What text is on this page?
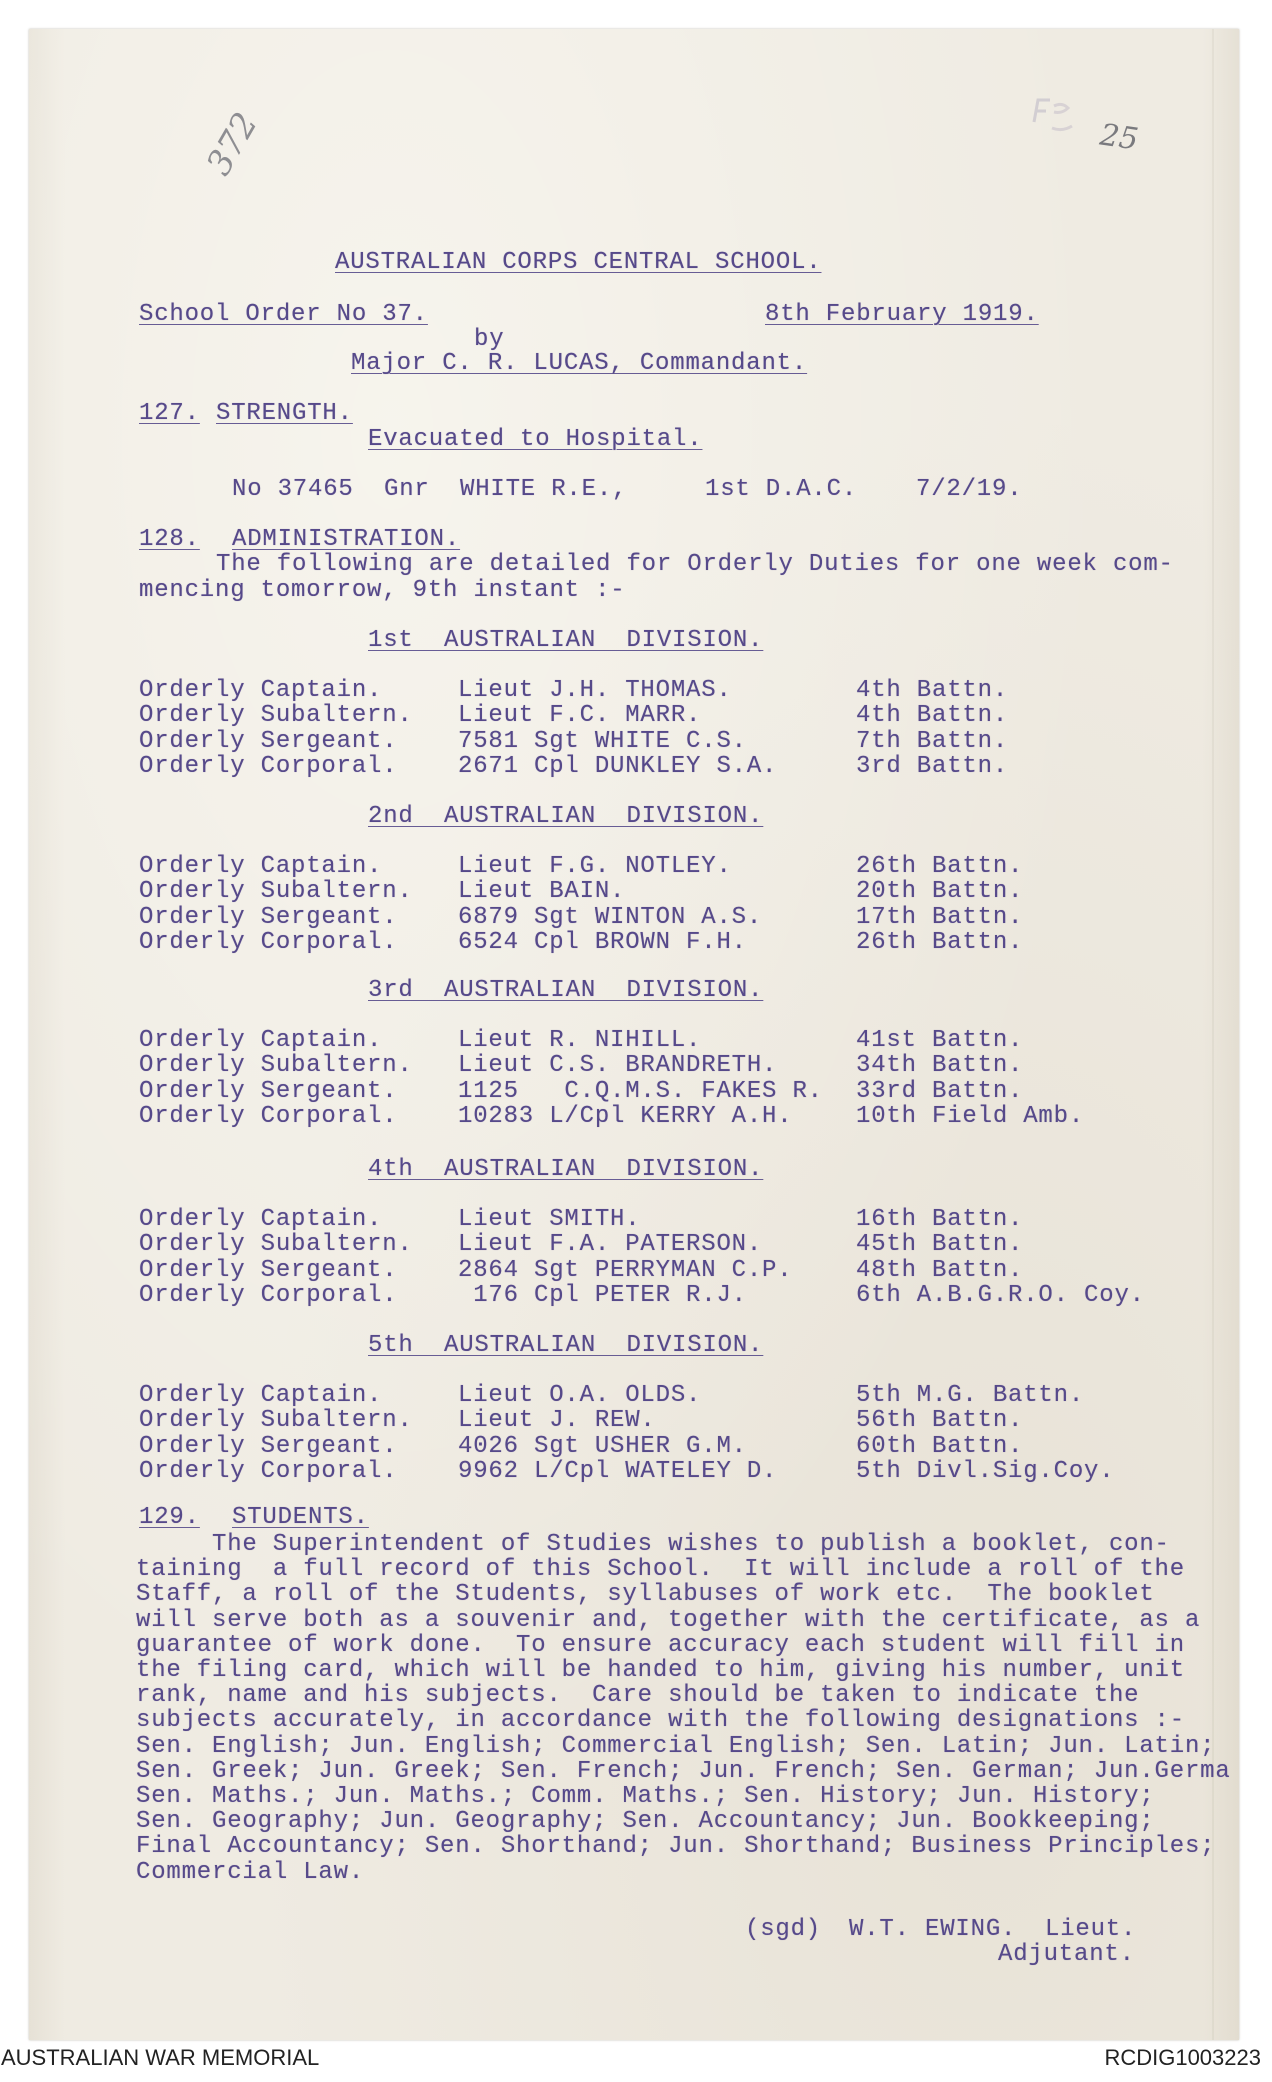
372	25
AUSTRALIAN CORPS CENTRAL SCHOOL.
School Order No 37.	8th February 1919.
by
Major C. R. LUCAS, Commandant.
127. STRENGTH.
Evacuated to Hospital.
No 37465 Gnr WHITE R.E.,	1st D.A.C. 7/2/19.
128. ADMINISTRATION.
The following are detailed for Orderly Duties for one week com-
mencing tomorrow, 9th instant :-
1st  AUSTRALIAN  DIVISION.
Orderly Captain.	Lieut J.H. THOMAS.	4th Battn.
Orderly Subaltern. Lieut F.C. MARR.	4th Battn.
Orderly Sergeant.	7581 Sgt WHITE C.S.	7th Battn.
Orderly Corporal.	2671 Cpl DUNKLEY S.A.	3rd Battn.
2nd  AUSTRALIAN  DIVISION.
Orderly Captain.	Lieut F.G. NOTLEY.	26th Battn.
Orderly Subaltern. Lieut BAIN.	20th Battn.
Orderly Sergeant.	6879 Sgt WINTON A.S.	17th Battn.
Orderly Corporal.	6524 Cpl BROWN F.H.	26th Battn.
3rd  AUSTRALIAN  DIVISION.
Orderly Captain.	Lieut R. NIHILL.	41st Battn.
Orderly Subaltern. Lieut C.S. BRANDRETH.	34th Battn.
Orderly Sergeant.	1125   C.Q.M.S. FAKES R. 33rd Battn.
Orderly Corporal.	10283 L/Cpl KERRY A.H.	10th Field Amb.
4th  AUSTRALIAN  DIVISION.
Orderly Captain.	Lieut SMITH.	16th Battn.
Orderly Subaltern. Lieut F.A. PATERSON.	45th Battn.
Orderly Sergeant.	2864 Sgt PERRYMAN C.P.	48th Battn.
Orderly Corporal.	176 Cpl PETER R.J.	6th A.B.G.R.O. Coy.
5th  AUSTRALIAN  DIVISION.
Orderly Captain.	Lieut O.A. OLDS.	5th M.G. Battn.
Orderly Subaltern. Lieut J. REW.	56th Battn.
Orderly Sergeant.	4026 Sgt USHER G.M.	60th Battn.
Orderly Corporal.	9962 L/Cpl WATELEY D.	5th Divl.Sig.Coy.
129. STUDENTS.
The Superintendent of Studies wishes to publish a booklet, con-
taining  a full record of this School.  It will include a roll of the
Staff, a roll of the Students, syllabuses of work etc.  The booklet
will serve both as a souvenir and, together with the certificate, as a
guarantee of work done.  To ensure accuracy each student will fill in
the filing card, which will be handed to him, giving his number, unit
rank, name and his subjects.  Care should be taken to indicate the
subjects accurately, in accordance with the following designations :-
Sen. English; Jun. English; Commercial English; Sen. Latin; Jun. Latin;
Sen. Greek; Jun. Greek; Sen. French; Jun. French; Sen. German; Jun.Germa
Sen. Maths.; Jun. Maths.; Comm. Maths.; Sen. History; Jun. History;
Sen. Geography; Jun. Geography; Sen. Accountancy; Jun. Bookkeeping;
Final Accountancy; Sen. Shorthand; Jun. Shorthand; Business Principles;
Commercial Law.
(sgd) W.T. EWING. Lieut.
Adjutant.
AUSTRALIAN WAR MEMORIAL	RCDIG1003223
